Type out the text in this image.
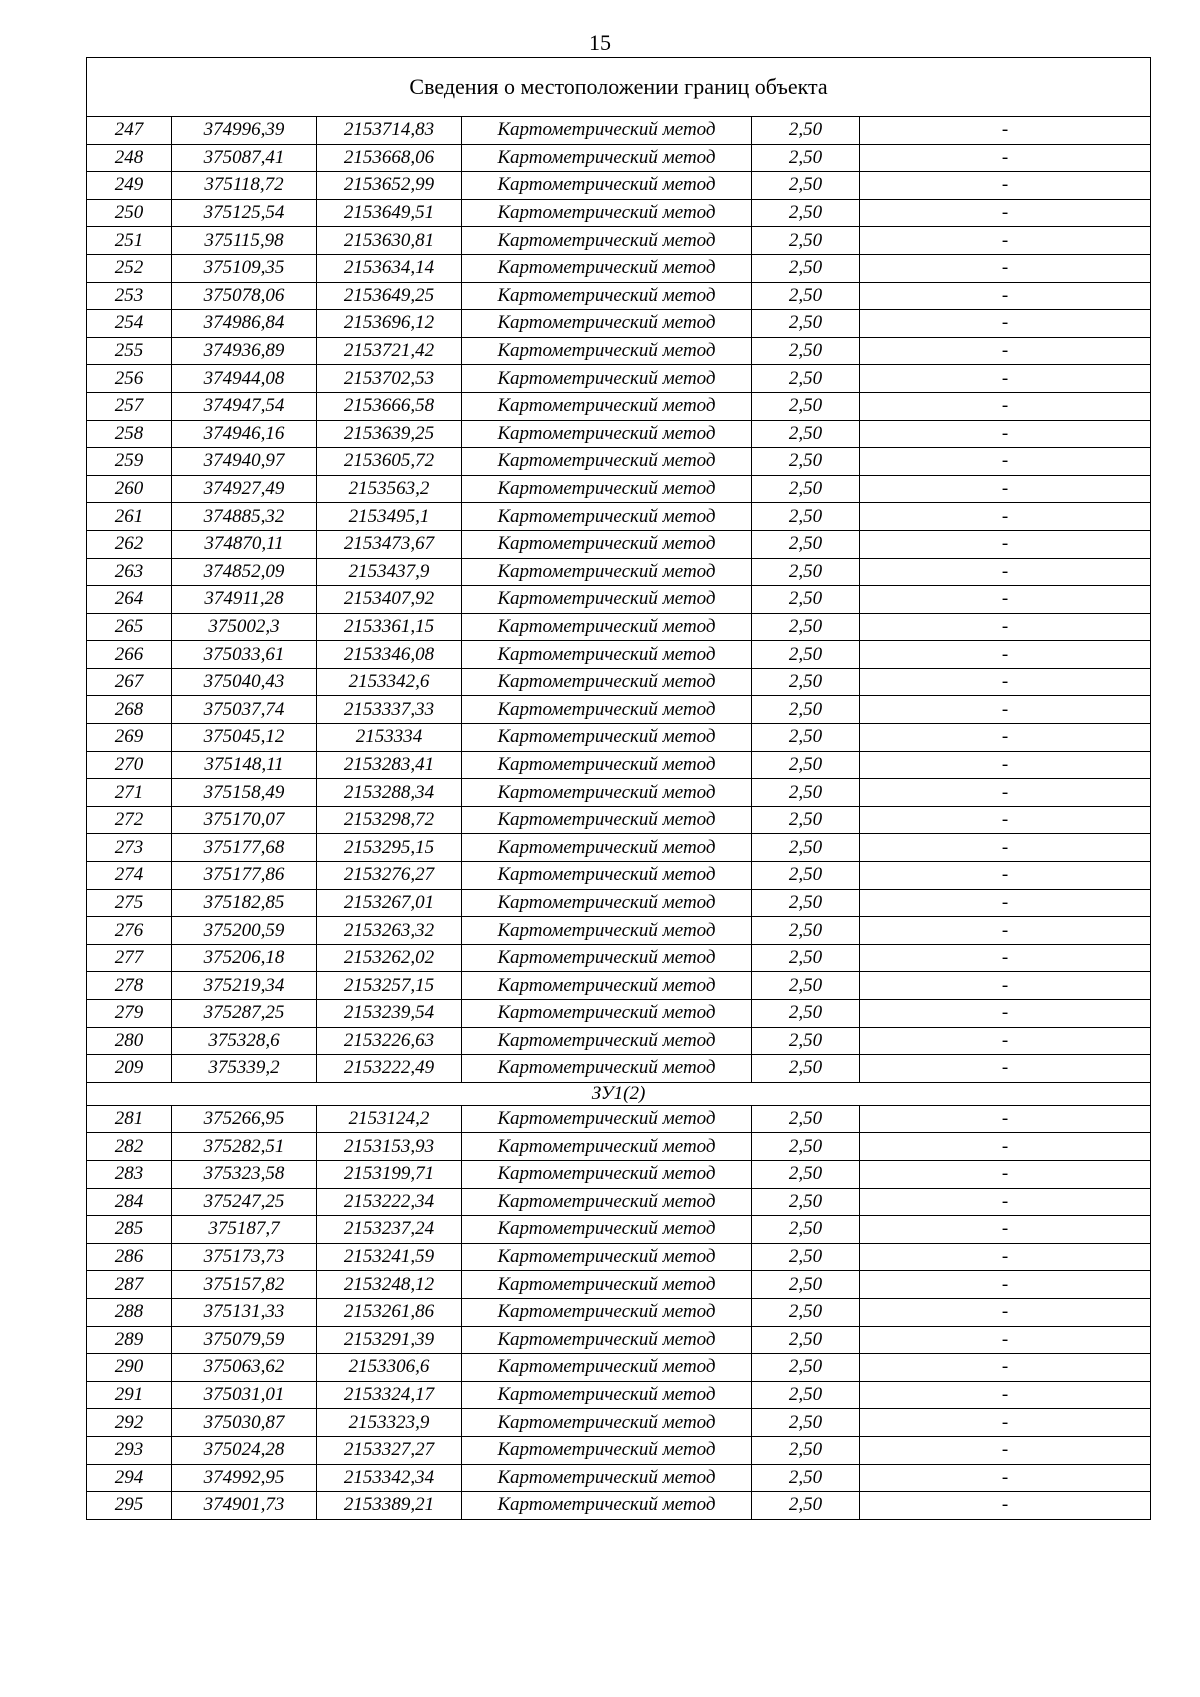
15
Сведения о местоположении границ объекта					
247	374996,39	2153714,83	Картометрический метод	2,50	-
248	375087,41	2153668,06	Картометрический метод	2,50	-
249	375118,72	2153652,99	Картометрический метод	2,50	-
250	375125,54	2153649,51	Картометрический метод	2,50	-
251	375115,98	2153630,81	Картометрический метод	2,50	-
252	375109,35	2153634,14	Картометрический метод	2,50	-
253	375078,06	2153649,25	Картометрический метод	2,50	-
254	374986,84	2153696,12	Картометрический метод	2,50	-
255	374936,89	2153721,42	Картометрический метод	2,50	-
256	374944,08	2153702,53	Картометрический метод	2,50	-
257	374947,54	2153666,58	Картометрический метод	2,50	-
258	374946,16	2153639,25	Картометрический метод	2,50	-
259	374940,97	2153605,72	Картометрический метод	2,50	-
260	374927,49	2153563,2	Картометрический метод	2,50	-
261	374885,32	2153495,1	Картометрический метод	2,50	-
262	374870,11	2153473,67	Картометрический метод	2,50	-
263	374852,09	2153437,9	Картометрический метод	2,50	-
264	374911,28	2153407,92	Картометрический метод	2,50	-
265	375002,3	2153361,15	Картометрический метод	2,50	-
266	375033,61	2153346,08	Картометрический метод	2,50	-
267	375040,43	2153342,6	Картометрический метод	2,50	-
268	375037,74	2153337,33	Картометрический метод	2,50	-
269	375045,12	2153334	Картометрический метод	2,50	-
270	375148,11	2153283,41	Картометрический метод	2,50	-
271	375158,49	2153288,34	Картометрический метод	2,50	-
272	375170,07	2153298,72	Картометрический метод	2,50	-
273	375177,68	2153295,15	Картометрический метод	2,50	-
274	375177,86	2153276,27	Картометрический метод	2,50	-
275	375182,85	2153267,01	Картометрический метод	2,50	-
276	375200,59	2153263,32	Картометрический метод	2,50	-
277	375206,18	2153262,02	Картометрический метод	2,50	-
278	375219,34	2153257,15	Картометрический метод	2,50	-
279	375287,25	2153239,54	Картометрический метод	2,50	-
280	375328,6	2153226,63	Картометрический метод	2,50	-
209	375339,2	2153222,49	Картометрический метод	2,50	-
ЗУ1(2)					
281	375266,95	2153124,2	Картометрический метод	2,50	-
282	375282,51	2153153,93	Картометрический метод	2,50	-
283	375323,58	2153199,71	Картометрический метод	2,50	-
284	375247,25	2153222,34	Картометрический метод	2,50	-
285	375187,7	2153237,24	Картометрический метод	2,50	-
286	375173,73	2153241,59	Картометрический метод	2,50	-
287	375157,82	2153248,12	Картометрический метод	2,50	-
288	375131,33	2153261,86	Картометрический метод	2,50	-
289	375079,59	2153291,39	Картометрический метод	2,50	-
290	375063,62	2153306,6	Картометрический метод	2,50	-
291	375031,01	2153324,17	Картометрический метод	2,50	-
292	375030,87	2153323,9	Картометрический метод	2,50	-
293	375024,28	2153327,27	Картометрический метод	2,50	-
294	374992,95	2153342,34	Картометрический метод	2,50	-
295	374901,73	2153389,21	Картометрический метод	2,50	-
